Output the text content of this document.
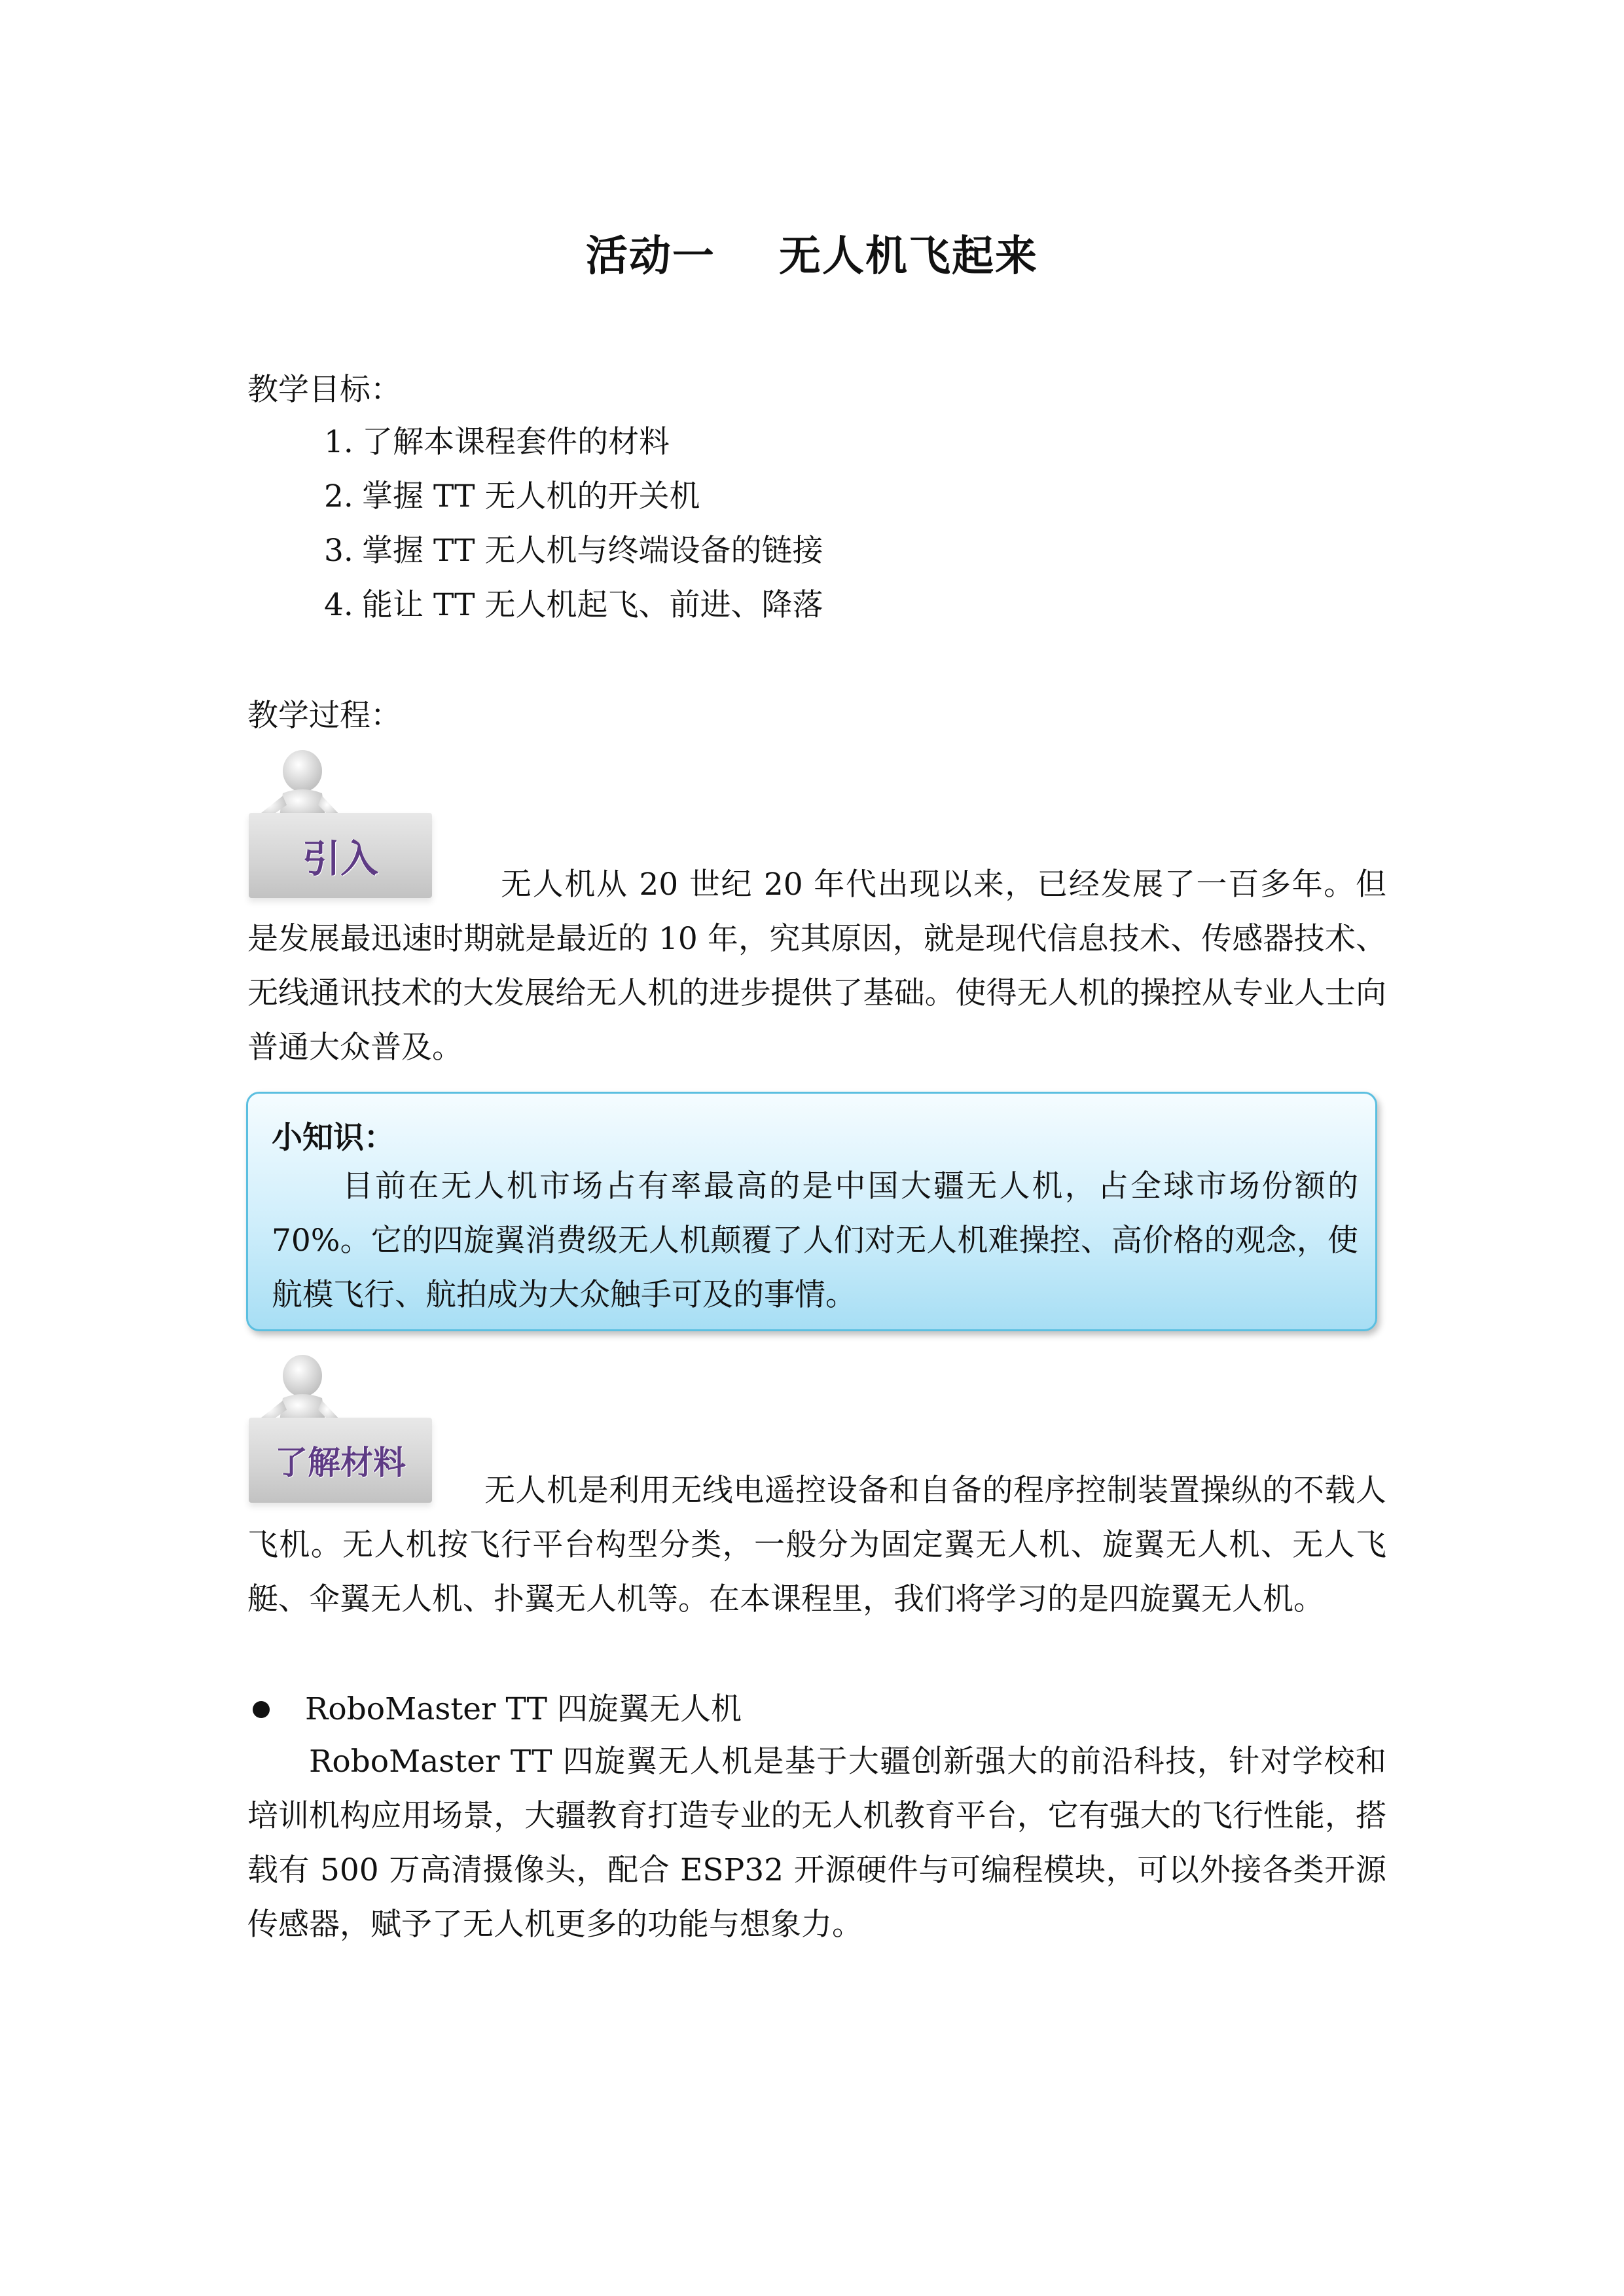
活动一    无人机飞起来
教学目标：
1. 了解本课程套件的材料
2. 掌握 TT 无人机的开关机
3. 掌握 TT 无人机与终端设备的链接
4. 能让 TT 无人机起飞、前进、降落
教学过程：
引入
无人机从 20 世纪 20 年代出现以来，已经发展了一百多年。但是发展最迅速时期就是最近的 10 年，究其原因，就是现代信息技术、传感器技术、无线通讯技术的大发展给无人机的进步提供了基础。使得无人机的操控从专业人士向普通大众普及。
小知识：
目前在无人机市场占有率最高的是中国大疆无人机，占全球市场份额的 70%。它的四旋翼消费级无人机颠覆了人们对无人机难操控、高价格的观念，使航模飞行、航拍成为大众触手可及的事情。
了解材料
无人机是利用无线电遥控设备和自备的程序控制装置操纵的不载人飞机。无人机按飞行平台构型分类，一般分为固定翼无人机、旋翼无人机、无人飞艇、伞翼无人机、扑翼无人机等。在本课程里，我们将学习的是四旋翼无人机。
RoboMaster TT 四旋翼无人机
RoboMaster TT 四旋翼无人机是基于大疆创新强大的前沿科技，针对学校和培训机构应用场景，大疆教育打造专业的无人机教育平台，它有强大的飞行性能，搭载有 500 万高清摄像头，配合 ESP32 开源硬件与可编程模块，可以外接各类开源传感器，赋予了无人机更多的功能与想象力。
